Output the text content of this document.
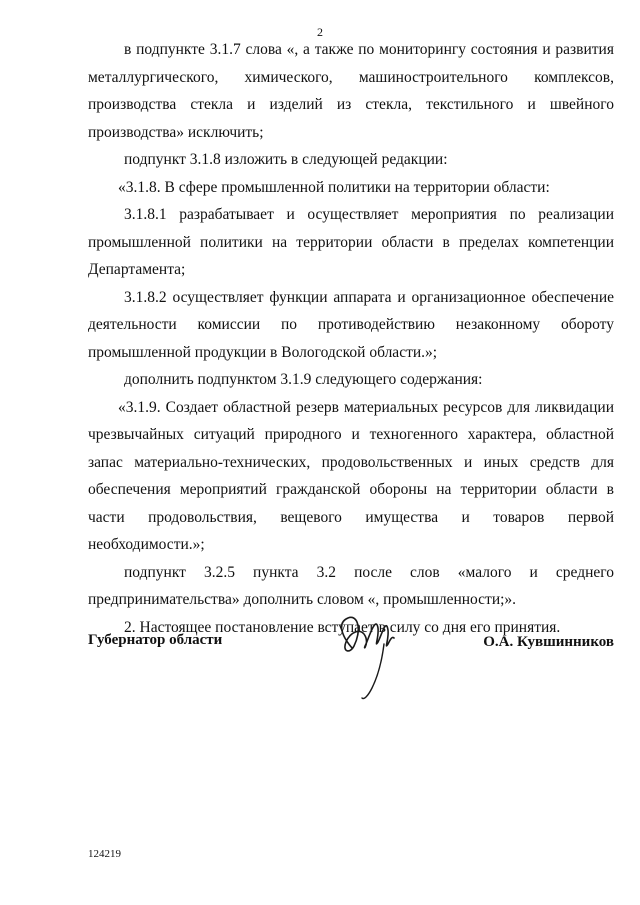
2

в подпункте 3.1.7 слова «, а также по мониторингу состояния и развития металлургического, химического, машиностроительного комплексов, производства стекла и изделий из стекла, текстильного и швейного производства» исключить;

подпункт 3.1.8 изложить в следующей редакции:

«3.1.8. В сфере промышленной политики на территории области:

3.1.8.1 разрабатывает и осуществляет мероприятия по реализации промышленной политики на территории области в пределах компетенции Департамента;

3.1.8.2 осуществляет функции аппарата и организационное обеспечение деятельности комиссии по противодействию незаконному обороту промышленной продукции в Вологодской области.»;

дополнить подпунктом 3.1.9 следующего содержания:

«3.1.9. Создает областной резерв материальных ресурсов для ликвидации чрезвычайных ситуаций природного и техногенного характера, областной запас материально-технических, продовольственных и иных средств для обеспечения мероприятий гражданской обороны на территории области в части продовольствия, вещевого имущества и товаров первой необходимости.»;

подпункт 3.2.5 пункта 3.2 после слов «малого и среднего предпринимательства» дополнить словом «, промышленности;».

2. Настоящее постановление вступает в силу со дня его принятия.

Губернатор области	О.А. Кувшинников
124219
